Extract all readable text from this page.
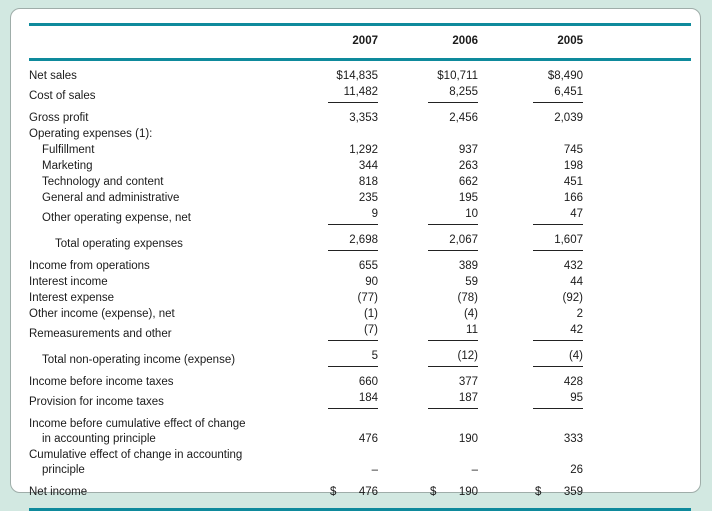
	2007	2006	2005	
Net sales	$14,835	$10,711	$8,490	
Cost of sales	11,482	8,255	6,451	
Gross profit	3,353	2,456	2,039	
Operating expenses (1):				
Fulfillment	1,292	937	745	
Marketing	344	263	198	
Technology and content	818	662	451	
General and administrative	235	195	166	
Other operating expense, net	9	10	47	
Total operating expenses	2,698	2,067	1,607	
Income from operations	655	389	432	
Interest income	90	59	44	
Interest expense	(77)	(78)	(92)	
Other income (expense), net	(1)	(4)	2	
Remeasurements and other	(7)	11	42	
Total non-operating income (expense)	5	(12)	(4)	
Income before income taxes	660	377	428	
Provision for income taxes	184	187	95	
Income before cumulative effect of change				
in accounting principle	476	190	333	
Cumulative effect of change in accounting				
principle	–	–	26	
Net income	$ 476	$ 190	$ 359	
